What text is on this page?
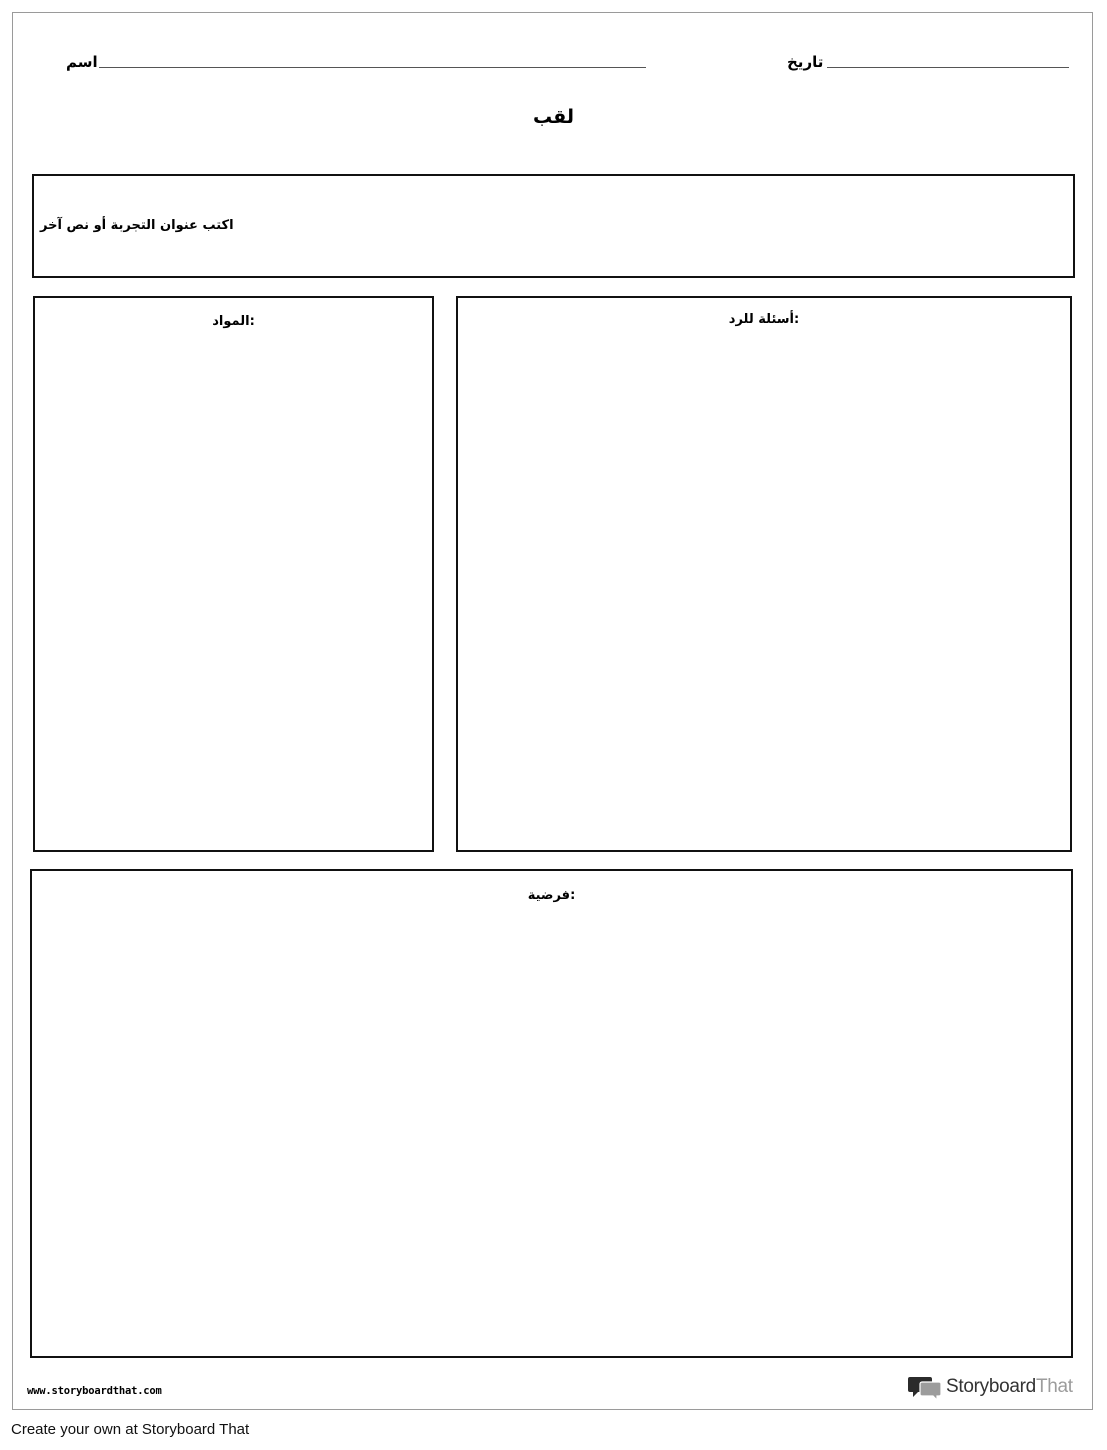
اسم	تاريخ
لقب
اكتب عنوان التجربة أو نص آخر
:المواد	:أسئلة للرد
:فرضية
www.storyboardthat.com	StoryboardThat
Create your own at Storyboard That
